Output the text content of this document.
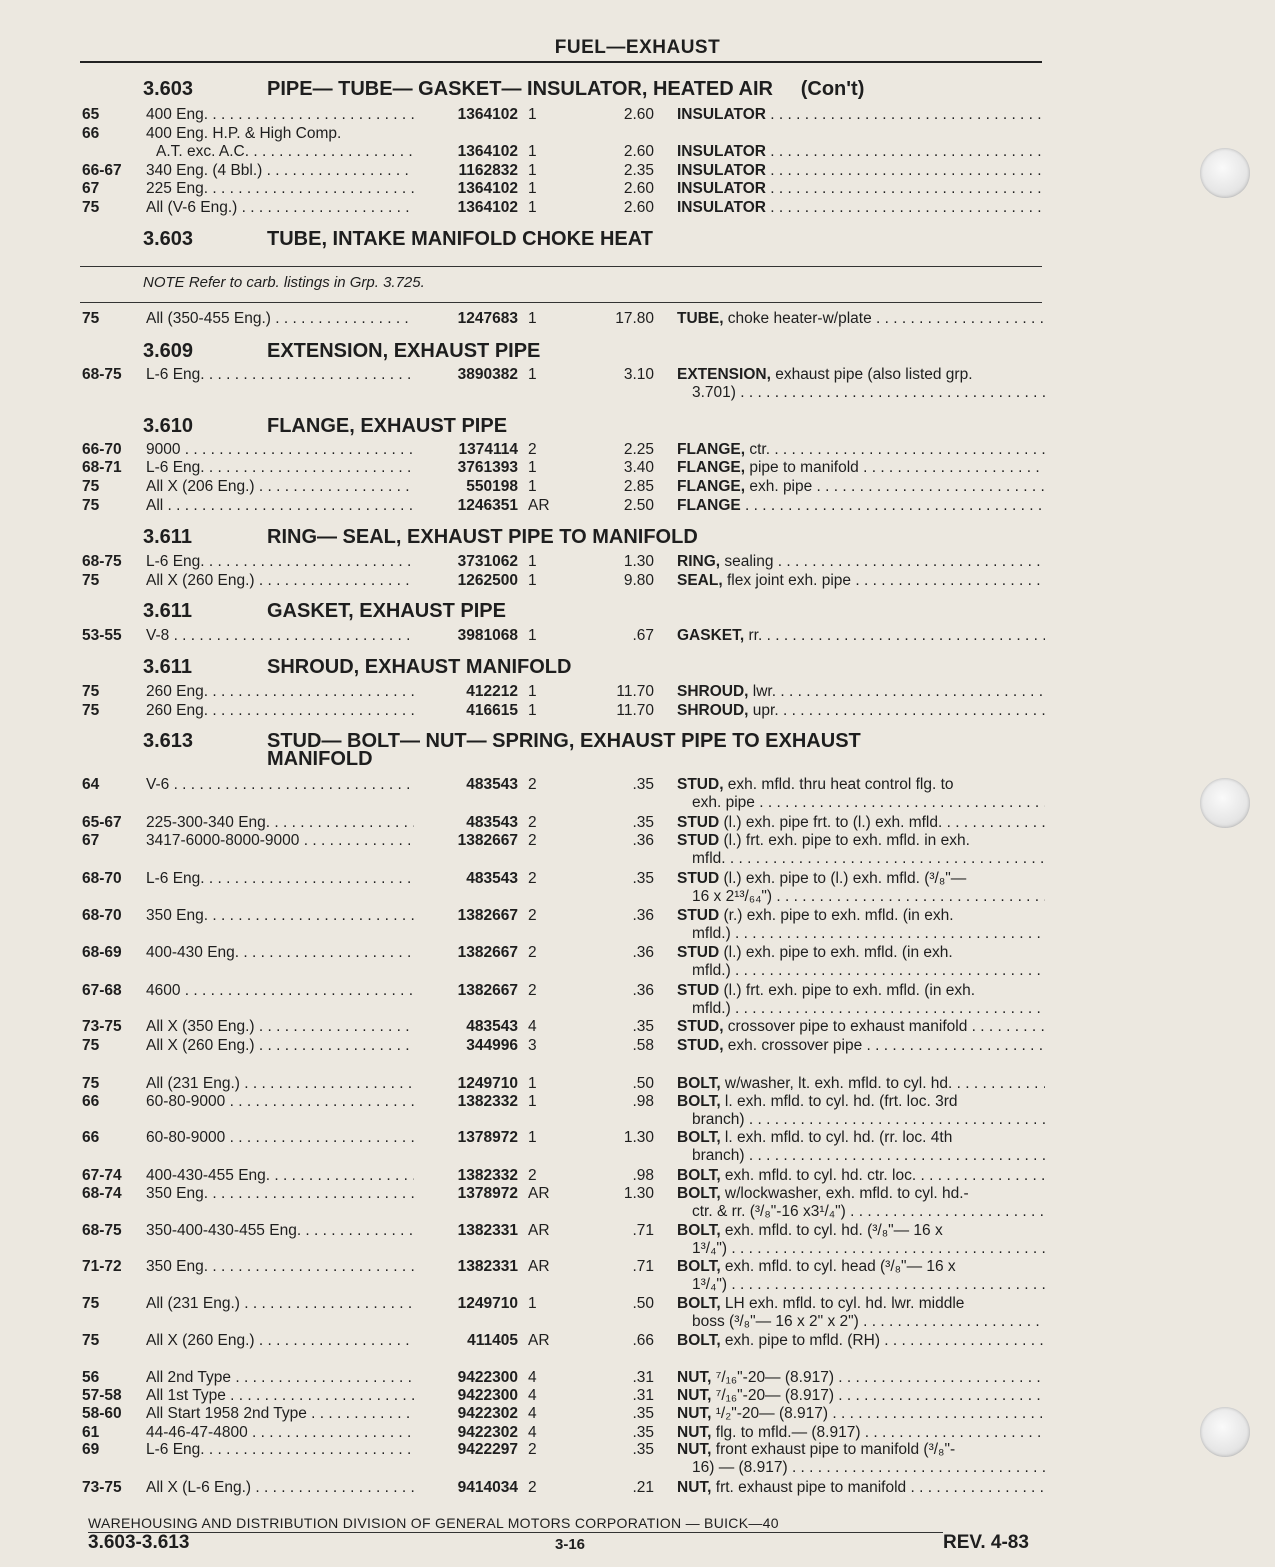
FUEL—EXHAUST
3.603	PIPE— TUBE— GASKET— INSULATOR, HEATED AIR     (Con't)
3.603	TUBE, INTAKE MANIFOLD CHOKE HEAT
3.609	EXTENSION, EXHAUST PIPE
3.610	FLANGE, EXHAUST PIPE
3.611	RING— SEAL, EXHAUST PIPE TO MANIFOLD
3.611	GASKET, EXHAUST PIPE
3.611	SHROUD, EXHAUST MANIFOLD
3.613	STUD— BOLT— NUT— SPRING, EXHAUST PIPE TO EXHAUST
MANIFOLD
NOTE Refer to carb. listings in Grp. 3.725.
65	400 Eng. . . .	1364102 1	2.60 INSULATOR . . .
66	400 Eng. H.P. & High Comp.
A.T. exc. A.C. . . .	1364102 1	2.60 INSULATOR . . .
66-67 340 Eng. (4 Bbl.) . . .	1162832 1	2.35 INSULATOR . . .
67	225 Eng. . . .	1364102 1	2.60 INSULATOR . . .
75	All (V-6 Eng.) . . .	1364102 1	2.60 INSULATOR . . .
75	All (350-455 Eng.) . . .	1247683 1	17.80 TUBE, choke heater-w/plate . . .
68-75 L-6 Eng. . . .	3890382 1	3.10 EXTENSION, exhaust pipe (also listed grp.
3.701) . . .
66-70 9000 . . .	1374114 2	2.25 FLANGE, ctr. . . .
68-71 L-6 Eng. . . .	3761393 1	3.40 FLANGE, pipe to manifold . . .
75	All X (206 Eng.) . . .	550198 1	2.85 FLANGE, exh. pipe . . .
75	All . . .	1246351 AR	2.50 FLANGE . . .
68-75 L-6 Eng. . . .	3731062 1	1.30 RING, sealing . . .
75	All X (260 Eng.) . . .	1262500 1	9.80 SEAL, flex joint exh. pipe . . .
53-55 V-8 . . .	3981068 1	.67 GASKET, rr. . . .
75	260 Eng. . . .	412212 1	11.70 SHROUD, lwr. . . .
75	260 Eng. . . .	416615 1	11.70 SHROUD, upr. . . .
64	V-6 . . .	483543 2	.35 STUD, exh. mfld. thru heat control flg. to
exh. pipe . . .
65-67 225-300-340 Eng. . . .	483543 2	.35 STUD (l.) exh. pipe frt. to (l.) exh. mfld. . . .
67	3417-6000-8000-9000 . . .	1382667 2	.36 STUD (l.) frt. exh. pipe to exh. mfld. in exh.
mfld. . . .
68-70 L-6 Eng. . . .	483543 2	.35 STUD (l.) exh. pipe to (l.) exh. mfld. (³/₈"—
16 x 2¹³/₆₄") . . .
68-70 350 Eng. . . .	1382667 2	.36 STUD (r.) exh. pipe to exh. mfld. (in exh.
mfld.) . . .
68-69 400-430 Eng. . . .	1382667 2	.36 STUD (l.) exh. pipe to exh. mfld. (in exh.
mfld.) . . .
67-68 4600 . . .	1382667 2	.36 STUD (l.) frt. exh. pipe to exh. mfld. (in exh.
mfld.) . . .
73-75 All X (350 Eng.) . . .	483543 4	.35 STUD, crossover pipe to exhaust manifold . . .
75	All X (260 Eng.) . . .	344996 3	.58 STUD, exh. crossover pipe . . .
75	All (231 Eng.) . . .	1249710 1	.50 BOLT, w/washer, lt. exh. mfld. to cyl. hd. . . .
66	60-80-9000 . . .	1382332 1	.98 BOLT, l. exh. mfld. to cyl. hd. (frt. loc. 3rd
branch) . . .
66	60-80-9000 . . .	1378972 1	1.30 BOLT, l. exh. mfld. to cyl. hd. (rr. loc. 4th
branch) . . .
67-74 400-430-455 Eng. . . .	1382332 2	.98 BOLT, exh. mfld. to cyl. hd. ctr. loc. . . .
68-74 350 Eng. . . .	1378972 AR	1.30 BOLT, w/lockwasher, exh. mfld. to cyl. hd.-
ctr. & rr. (³/₈"-16 x3¹/₄") . . .
68-75 350-400-430-455 Eng. . . .	1382331 AR	.71 BOLT, exh. mfld. to cyl. hd. (³/₈"— 16 x
1³/₄") . . .
71-72 350 Eng. . . .	1382331 AR	.71 BOLT, exh. mfld. to cyl. head (³/₈"— 16 x
1³/₄") . . .
75	All (231 Eng.) . . .	1249710 1	.50 BOLT, LH exh. mfld. to cyl. hd. lwr. middle
boss (³/₈"— 16 x 2" x 2") . . .
75	All X (260 Eng.) . . .	411405 AR	.66 BOLT, exh. pipe to mfld. (RH) . . .
56	All 2nd Type . . .	9422300 4	.31 NUT, ⁷/₁₆"-20— (8.917) . . .
57-58 All 1st Type . . .	9422300 4	.31 NUT, ⁷/₁₆"-20— (8.917) . . .
58-60 All Start 1958 2nd Type . . .	9422302 4	.35 NUT, ¹/₂"-20— (8.917) . . .
61	44-46-47-4800 . . .	9422302 4	.35 NUT, flg. to mfld.— (8.917) . . .
69	L-6 Eng. . . .	9422297 2	.35 NUT, front exhaust pipe to manifold (³/₈"-
16) — (8.917) . . .
73-75 All X (L-6 Eng.) . . .	9414034 2	.21 NUT, frt. exhaust pipe to manifold . . .
WAREHOUSING AND DISTRIBUTION DIVISION OF GENERAL MOTORS CORPORATION — BUICK—40
3.603-3.613	3-16	REV. 4-83
